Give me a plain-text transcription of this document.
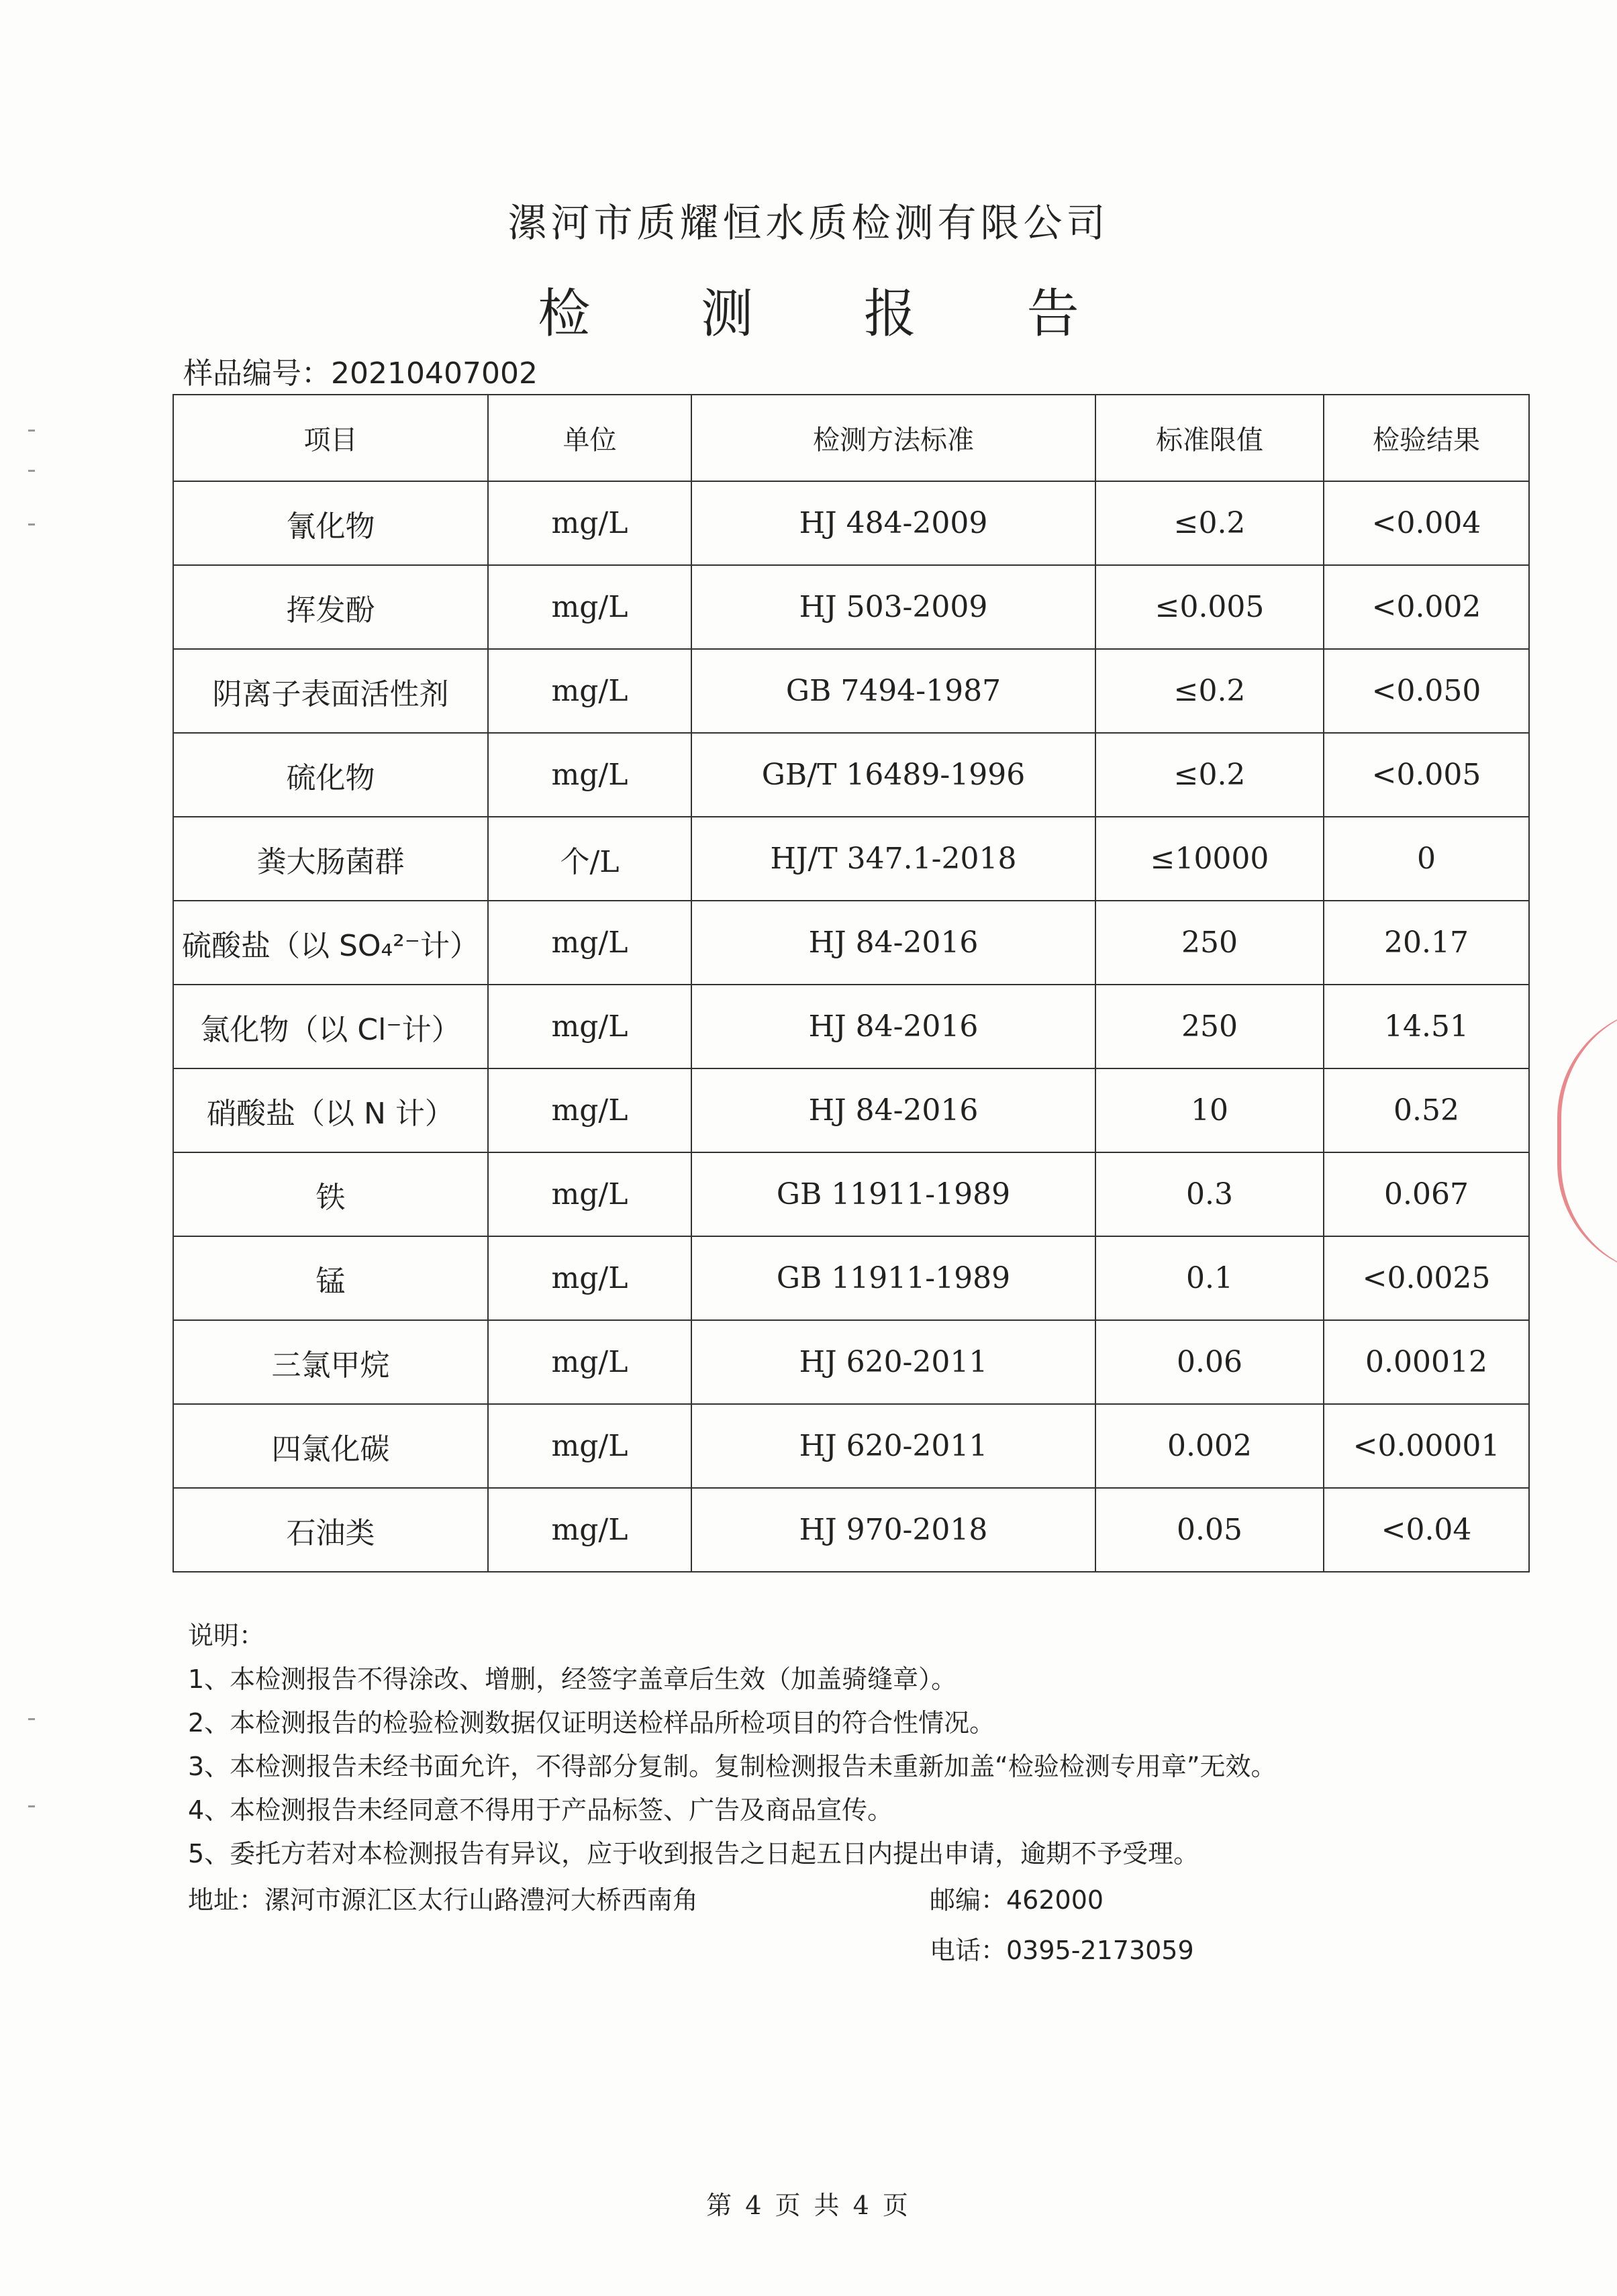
漯河市质耀恒水质检测有限公司
检 测 报 告
样品编号：20210407002
项目	单位	检测方法标准	标准限值	检验结果
氰化物	mg/L	HJ 484-2009	≤0.2	<0.004
挥发酚	mg/L	HJ 503-2009	≤0.005	<0.002
阴离子表面活性剂	mg/L	GB 7494-1987	≤0.2	<0.050
硫化物	mg/L	GB/T 16489-1996	≤0.2	<0.005
粪大肠菌群	个/L	HJ/T 347.1-2018	≤10000	0
硫酸盐（以 SO₄²⁻计）	mg/L	HJ 84-2016	250	20.17
氯化物（以 Cl⁻计）	mg/L	HJ 84-2016	250	14.51
硝酸盐（以 N 计）	mg/L	HJ 84-2016	10	0.52
铁	mg/L	GB 11911-1989	0.3	0.067
锰	mg/L	GB 11911-1989	0.1	<0.0025
三氯甲烷	mg/L	HJ 620-2011	0.06	0.00012
四氯化碳	mg/L	HJ 620-2011	0.002	<0.00001
石油类	mg/L	HJ 970-2018	0.05	<0.04
说明：
1、本检测报告不得涂改、增删，经签字盖章后生效（加盖骑缝章）。
2、本检测报告的检验检测数据仅证明送检样品所检项目的符合性情况。
3、本检测报告未经书面允许，不得部分复制。复制检测报告未重新加盖“检验检测专用章”无效。
4、本检测报告未经同意不得用于产品标签、广告及商品宣传。
5、委托方若对本检测报告有异议，应于收到报告之日起五日内提出申请，逾期不予受理。
地址：漯河市源汇区太行山路澧河大桥西南角	邮编：462000
电话：0395-2173059
第 4 页 共 4 页
